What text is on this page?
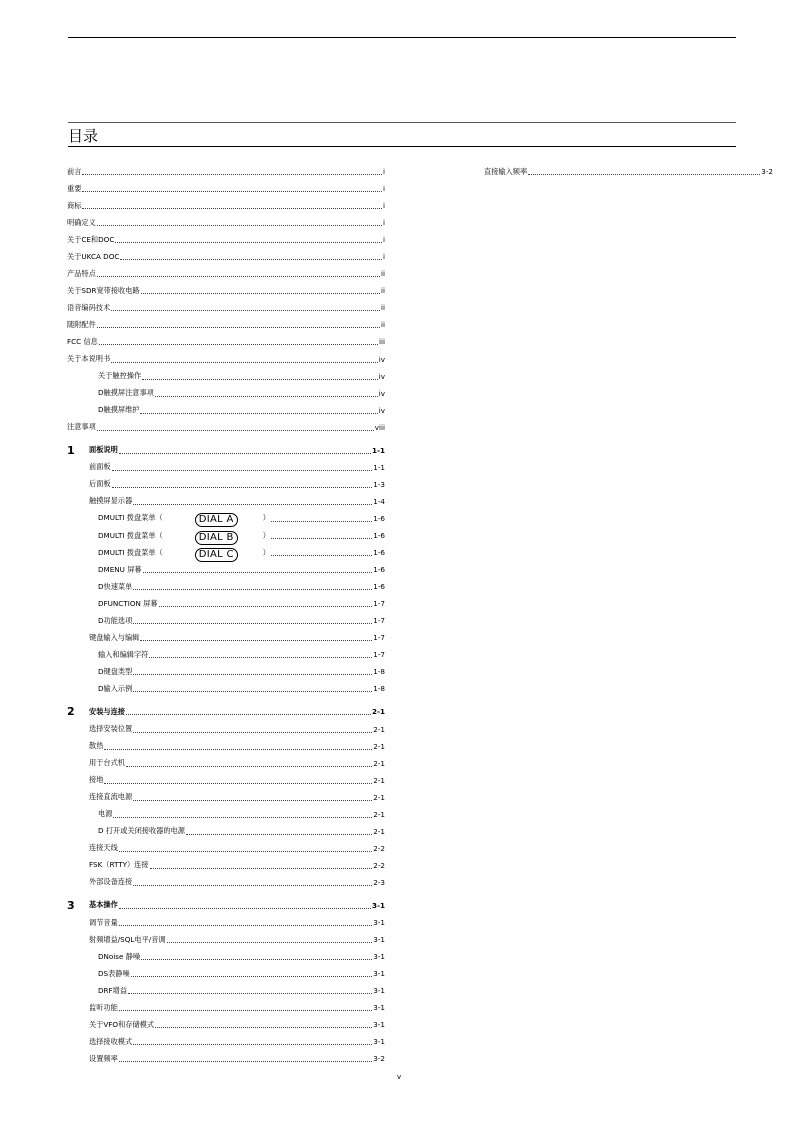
目录
前言	i
重要	i
商标	i
明确定义	i
关于CE和DOC	i
关于UKCA DOC	i
产品特点	ii
关于SDR宽带接收电路	ii
语音编码技术	ii
随附配件	ii
FCC 信息	iii
关于本说明书	iv
关于触控操作	iv
D触摸屏注意事项	iv
D触摸屏维护	iv
注意事项	viii
1 面板说明	1-1
前面板	1-1
后面板	1-3
触摸屏显示器	1-4
DMULTI 拨盘菜单（	DIAL A	）	1-6
DMULTI 拨盘菜单（	DIAL B	）	1-6
DMULTI 拨盘菜单（	DIAL C	）	1-6
DMENU 屏幕	1-6
D快速菜单	1-6
DFUNCTION 屏幕	1-7
D功能选项	1-7
键盘输入与编辑	1-7
输入和编辑字符	1-7
D键盘类型	1-8
D输入示例	1-8
2 安装与连接	2-1
选择安装位置	2-1
散热	2-1
用于台式机	2-1
接地	2-1
连接直流电源	2-1
电源	2-1
D 打开或关闭接收器的电源	2-1
连接天线	2-2
FSK（RTTY）连接	2-2
外部设备连接	2-3
3 基本操作	3-1
调节音量	3-1
射频增益/SQL电平/音调	3-1
DNoise 静噪	3-1
DS表静噪	3-1
DRF增益	3-1
监听功能	3-1
关于VFO和存储模式	3-1
选择接收模式	3-1
设置频率	3-2
直接输入频率	3-2
v
